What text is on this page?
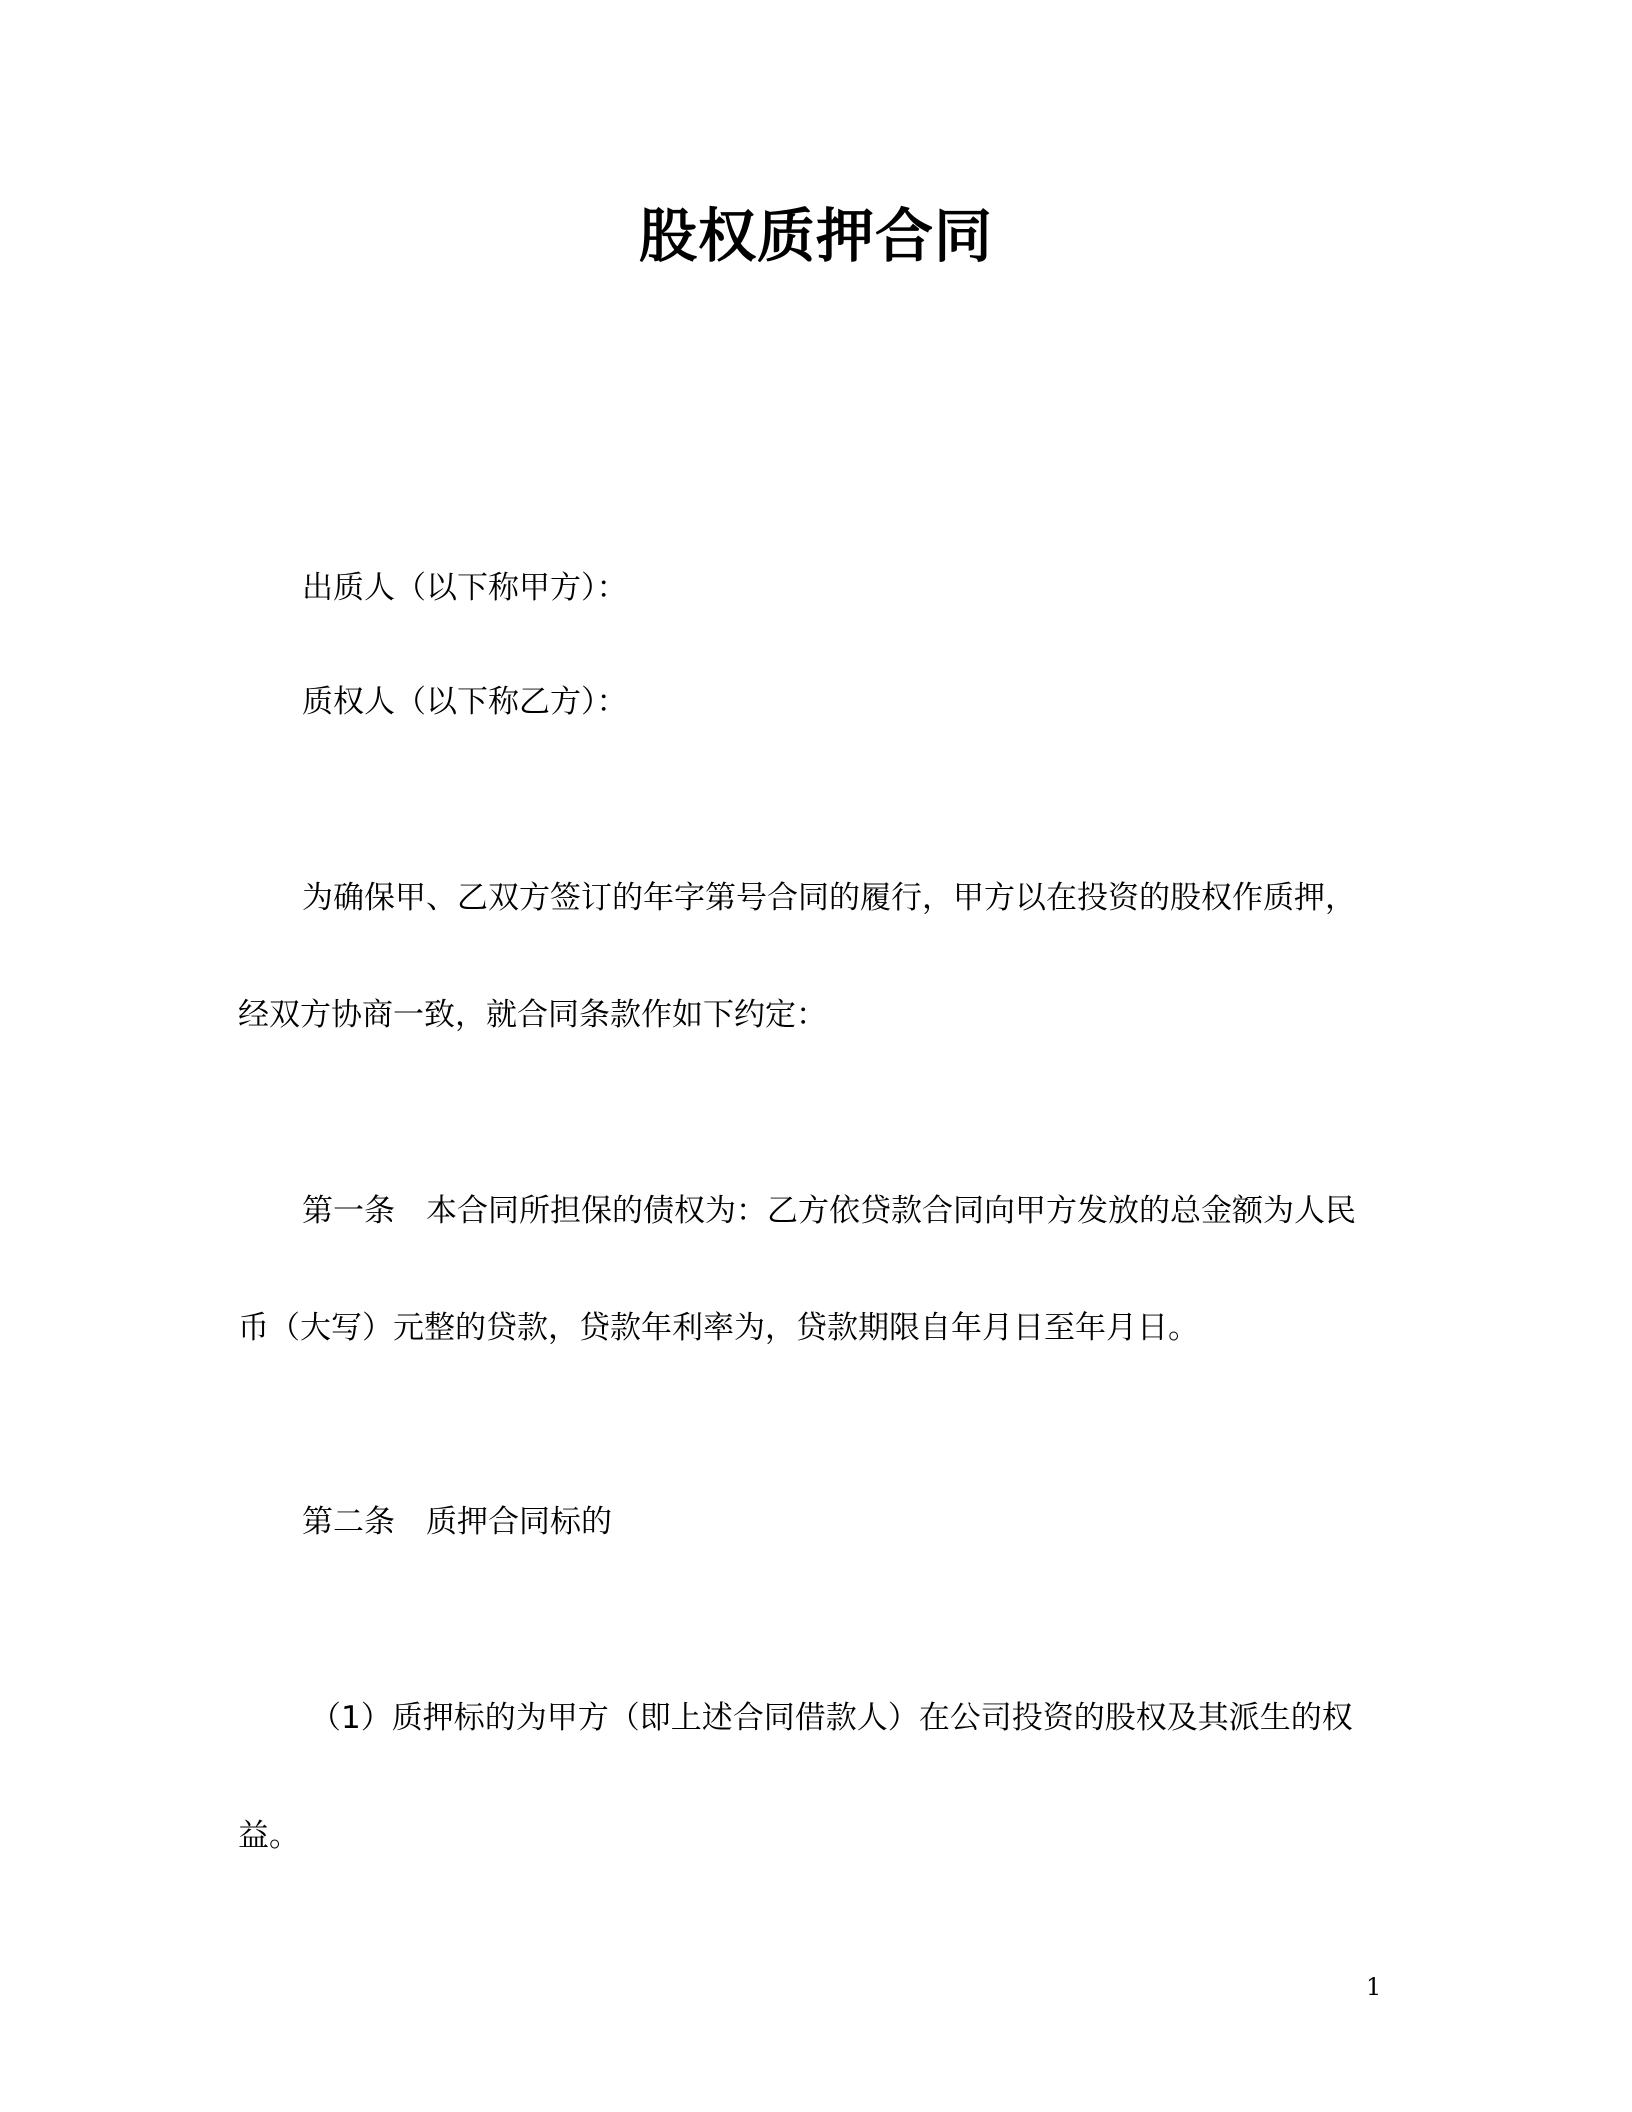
股权质押合同
出质人（以下称甲方）：
质权人（以下称乙方）：
为确保甲、乙双方签订的年字第号合同的履行，甲方以在投资的股权作质押，
经双方协商一致，就合同条款作如下约定：
第一条　本合同所担保的债权为：乙方依贷款合同向甲方发放的总金额为人民
币（大写）元整的贷款，贷款年利率为，贷款期限自年月日至年月日。
第二条　质押合同标的
（1）质押标的为甲方（即上述合同借款人）在公司投资的股权及其派生的权
益。
1
